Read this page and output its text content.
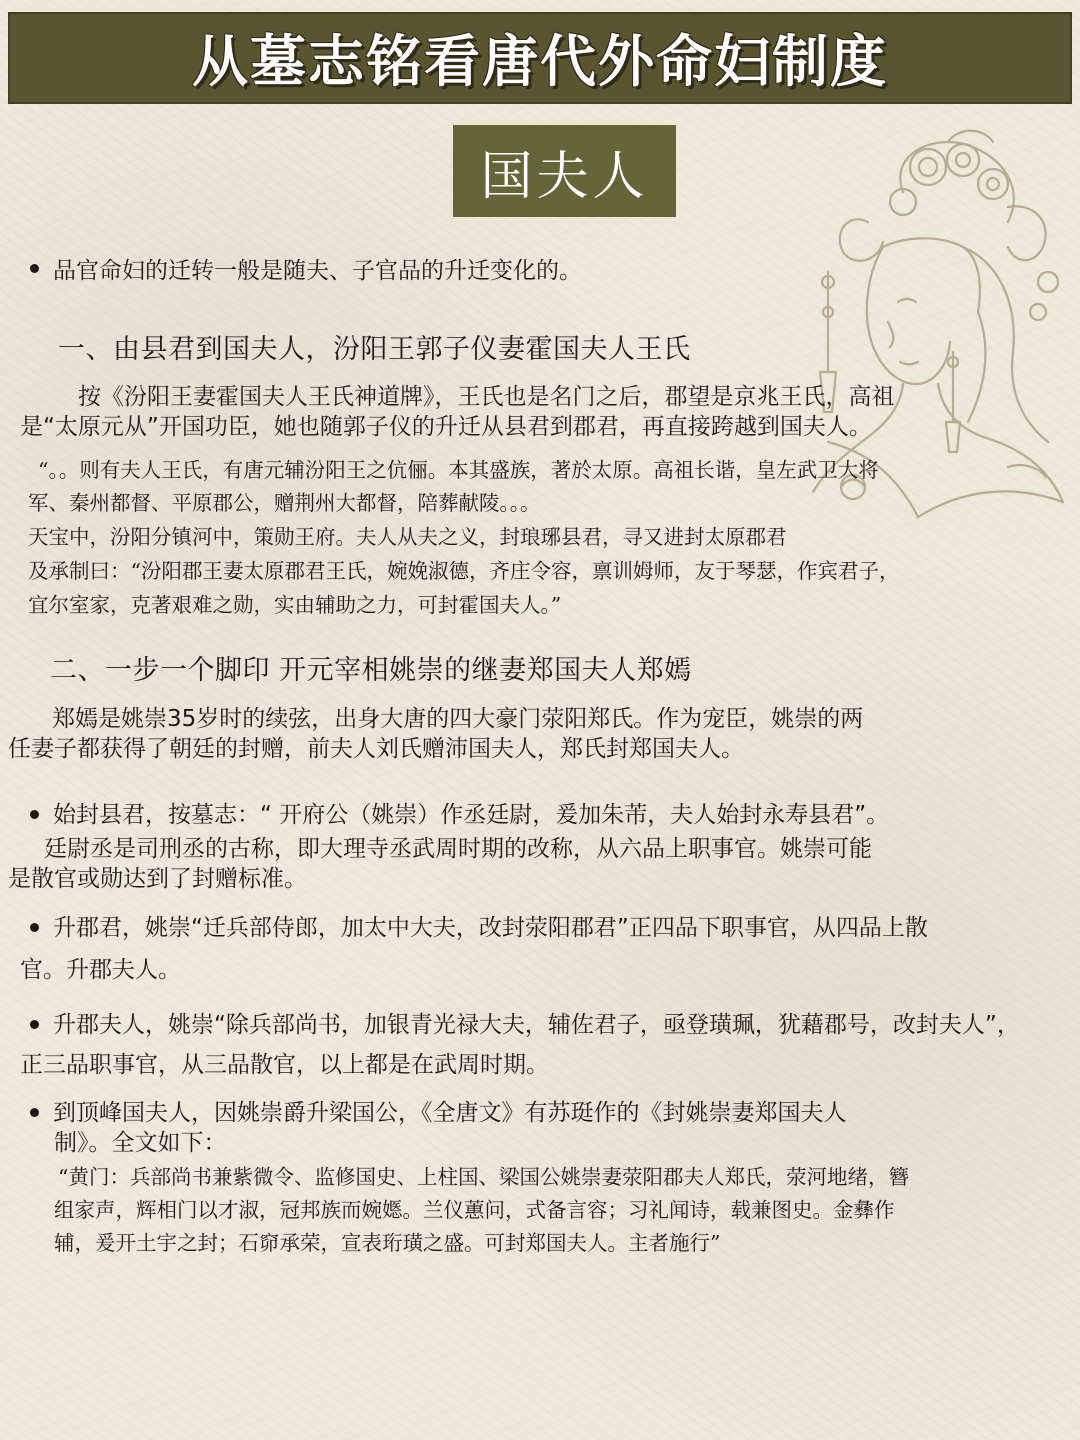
从墓志铭看唐代外命妇制度
国夫人
品官命妇的迁转一般是随夫、子官品的升迁变化的。
一、由县君到国夫人，汾阳王郭子仪妻霍国夫人王氏
按《汾阳王妻霍国夫人王氏神道牌》，王氏也是名门之后，郡望是京兆王氏，高祖
是“太原元从”开国功臣，她也随郭子仪的升迁从县君到郡君，再直接跨越到国夫人。
“。。则有夫人王氏，有唐元辅汾阳王之伉俪。本其盛族，著於太原。高祖长谐，皇左武卫大将
军、秦州都督、平原郡公，赠荆州大都督，陪葬献陵。。。
天宝中，汾阳分镇河中，策勋王府。夫人从夫之义，封琅琊县君，寻又进封太原郡君
及承制曰：“汾阳郡王妻太原郡君王氏，婉娩淑德，齐庄令容，禀训姆师，友于琴瑟，作宾君子，
宜尔室家，克著艰难之勋，实由辅助之力，可封霍国夫人。”
二、一步一个脚印 开元宰相姚崇的继妻郑国夫人郑嫣
郑嫣是姚崇35岁时的续弦，出身大唐的四大豪门荥阳郑氏。作为宠臣，姚崇的两
任妻子都获得了朝廷的封赠，前夫人刘氏赠沛国夫人，郑氏封郑国夫人。
始封县君，按墓志：“ 开府公（姚崇）作丞廷尉，爰加朱芾，夫人始封永寿县君”。
廷尉丞是司刑丞的古称，即大理寺丞武周时期的改称，从六品上职事官。姚崇可能
是散官或勋达到了封赠标准。
升郡君，姚崇“迁兵部侍郎，加太中大夫，改封荥阳郡君”正四品下职事官，从四品上散
官。升郡夫人。
升郡夫人，姚崇“除兵部尚书，加银青光禄大夫，辅佐君子，亟登璜珮，犹藉郡号，改封夫人”，
正三品职事官，从三品散官，以上都是在武周时期。
到顶峰国夫人，因姚崇爵升梁国公，《全唐文》有苏珽作的《封姚崇妻郑国夫人
制》。全文如下：
“黄门：兵部尚书兼紫微令、监修国史、上柱国、梁国公姚崇妻荥阳郡夫人郑氏，荥河地绪，簪
组家声，辉相门以才淑，冠邦族而婉嫕。兰仪蕙问，式备言容；习礼闻诗，载兼图史。金彝作
辅，爰开土宇之封；石窌承荣，宣表珩璜之盛。可封郑国夫人。主者施行”
